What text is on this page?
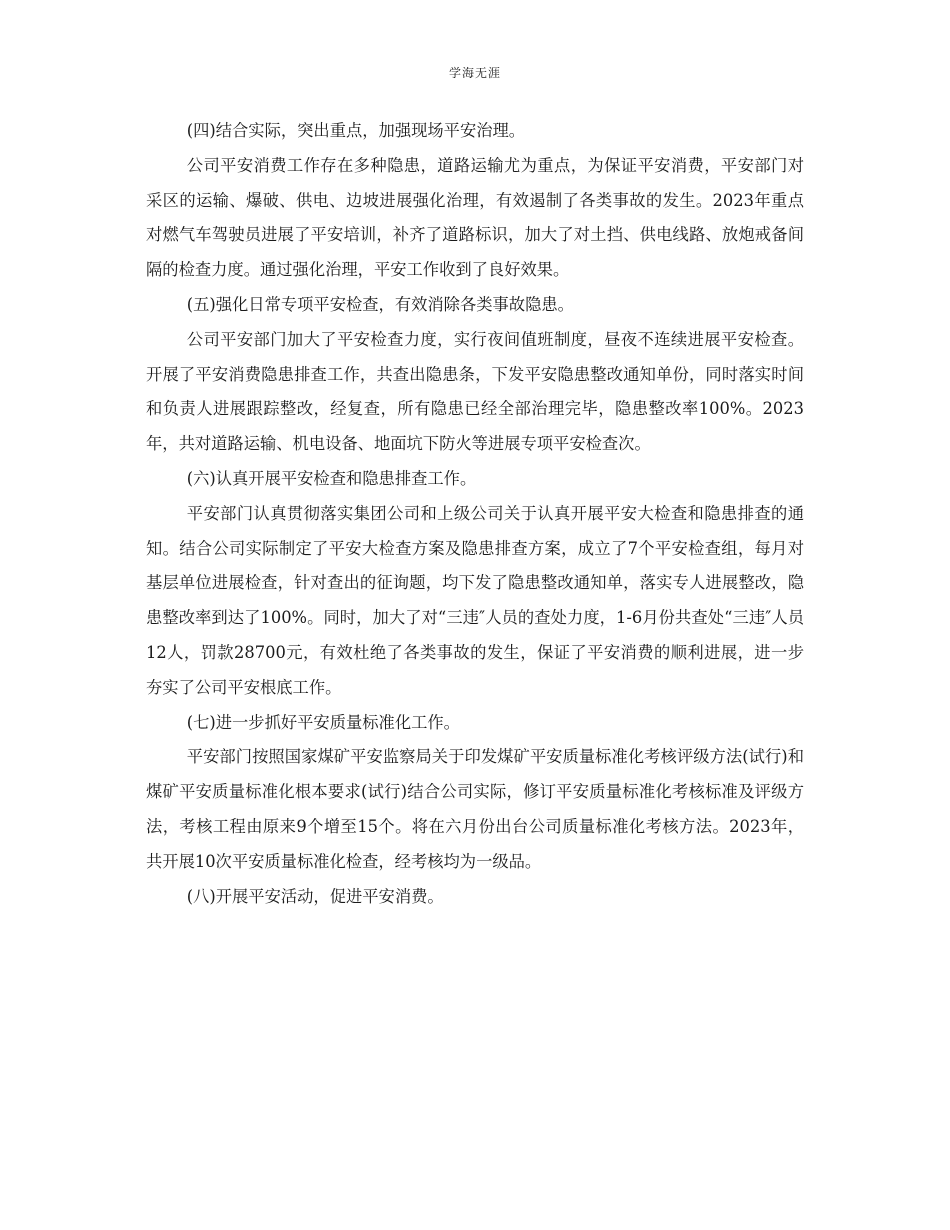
学海无涯

(四)结合实际，突出重点，加强现场平安治理。

公司平安消费工作存在多种隐患，道路运输尤为重点，为保证平安消费，平安部门对采区的运输、爆破、供电、边坡进展强化治理，有效遏制了各类事故的发生。2023年重点对燃气车驾驶员进展了平安培训，补齐了道路标识，加大了对土挡、供电线路、放炮戒备间隔的检查力度。通过强化治理，平安工作收到了良好效果。

(五)强化日常专项平安检查，有效消除各类事故隐患。

公司平安部门加大了平安检查力度，实行夜间值班制度，昼夜不连续进展平安检查。开展了平安消费隐患排查工作，共查出隐患条，下发平安隐患整改通知单份，同时落实时间和负责人进展跟踪整改，经复查，所有隐患已经全部治理完毕，隐患整改率100%。2023年，共对道路运输、机电设备、地面坑下防火等进展专项平安检查次。

(六)认真开展平安检查和隐患排查工作。

平安部门认真贯彻落实集团公司和上级公司关于认真开展平安大检查和隐患排查的通知。结合公司实际制定了平安大检查方案及隐患排查方案，成立了7个平安检查组，每月对基层单位进展检查，针对查出的征询题，均下发了隐患整改通知单，落实专人进展整改，隐患整改率到达了100%。同时，加大了对“三违″人员的查处力度，1-6月份共查处“三违″人员12人，罚款28700元，有效杜绝了各类事故的发生，保证了平安消费的顺利进展，进一步夯实了公司平安根底工作。

(七)进一步抓好平安质量标准化工作。

平安部门按照国家煤矿平安监察局关于印发煤矿平安质量标准化考核评级方法(试行)和煤矿平安质量标准化根本要求(试行)结合公司实际，修订平安质量标准化考核标准及评级方法，考核工程由原来9个增至15个。将在六月份出台公司质量标准化考核方法。2023年，共开展10次平安质量标准化检查，经考核均为一级品。

(八)开展平安活动，促进平安消费。
